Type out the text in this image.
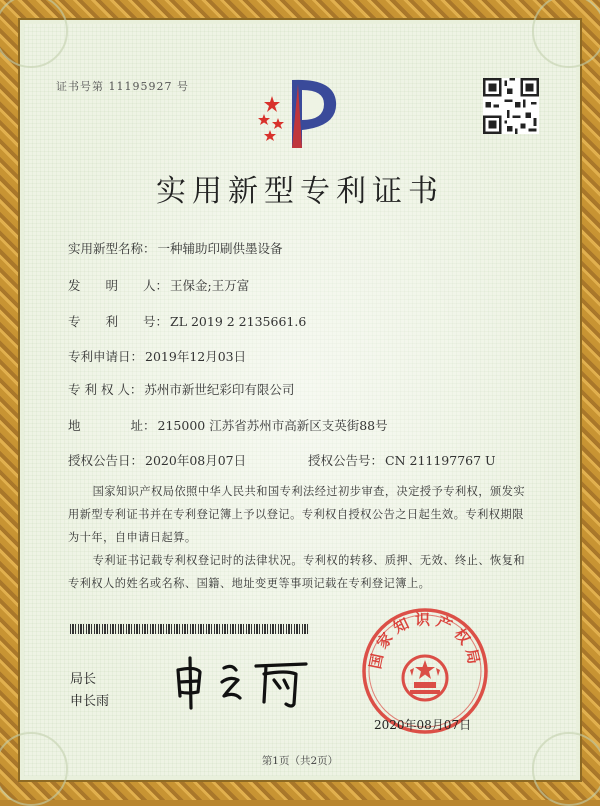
证书号第 11195927 号
实用新型专利证书
实用新型名称： 一种辅助印刷供墨设备
发　　明　　人： 王保金;王万富
专　　利　　号： ZL 2019 2 2135661.6
专利申请日： 2019年12月03日
专 利 权 人： 苏州市新世纪彩印有限公司
地　　　　址： 215000 江苏省苏州市高新区支英街88号
授权公告日： 2020年08月07日	授权公告号： CN 211197767 U
国家知识产权局依照中华人民共和国专利法经过初步审查，决定授予专利权，颁发实用新型专利证书并在专利登记簿上予以登记。专利权自授权公告之日起生效。专利权期限为十年，自申请日起算。
专利证书记载专利权登记时的法律状况。专利权的转移、质押、无效、终止、恢复和专利权人的姓名或名称、国籍、地址变更等事项记载在专利登记簿上。
局长
申长雨
国家知识产权局
2020年08月07日
第1页（共2页）
